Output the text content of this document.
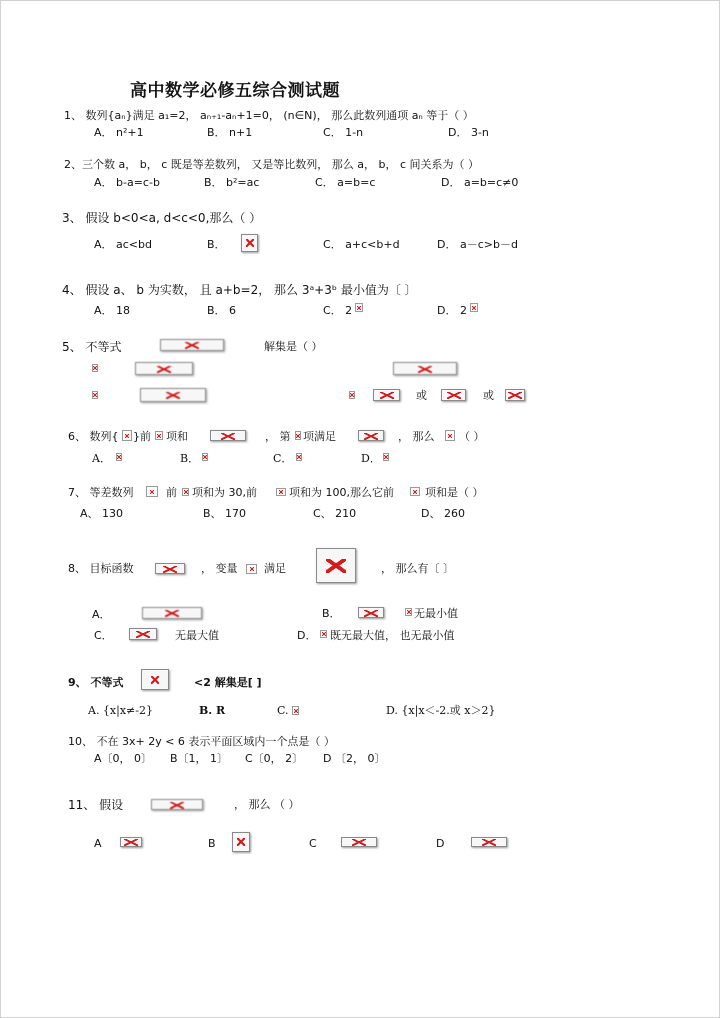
高中数学必修五综合测试题
1、 数列{aₙ}满足 a₁=2， aₙ₊₁-aₙ+1=0， (n∈N)， 那么此数列通项 aₙ 等于（ ）
A． n²+1	B． n+1	C． 1-n	D． 3-n
2、三个数 a， b， c 既是等差数列， 又是等比数列， 那么 a， b， c 间关系为（ ）
A． b-a=c-b	B． b²=ac	C． a=b=c	D． a=b=c≠0
3、 假设 b<0<a, d<c<0,那么（ ）
A． ac<bd	B．	C． a+c<b+d	D． a－c>b－d
4、 假设 a、 b 为实数， 且 a+b=2， 那么 3ᵃ+3ᵇ 最小值为〔 〕
A． 18	B． 6	C． 2	D． 2
5、 不等式	解集是（ ）
或	或
6、 数列{ }前 项和	， 第 项满足	， 那么 （ ）
A．	B．	C．	D．
7、 等差数列	前 项和为 30,前	项和为 100,那么它前	项和是（ ）
A、 130	B、 170	C、 210	D、 260
8、 目标函数	， 变量 满足	， 那么有〔 〕
A．	B．	无最小值
C．	无最大值	D． 既无最大值， 也无最小值
9、 不等式	<2 解集是[ ]
A. {x|x≠-2}	B. R	C.	D. {x|x＜-2.或 x＞2}
10、 不在 3x+ 2y < 6 表示平面区域内一个点是（ ）
A〔0， 0〕 B〔1， 1〕 C〔0， 2〕 D 〔2， 0〕
11、 假设	， 那么 （ ）
A	B	C	D
